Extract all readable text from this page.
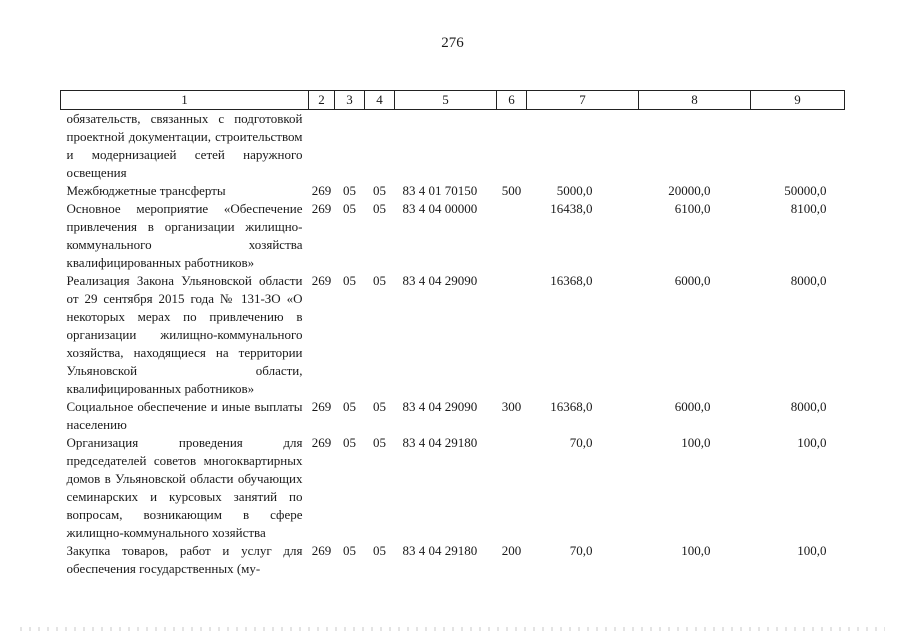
276
1	2	3	4	5	6	7	8	9
обязательств, связанных с подготовкой проектной документации, строительством и модернизацией сетей наружного освещения								
Межбюджетные трансферты	269	05	05	83 4 01 70150	500	5000,0	20000,0	50000,0
Основное мероприятие «Обеспечение привлечения в организации жилищно-коммунального хозяйства квалифицированных работников»	269	05	05	83 4 04 00000		16438,0	6100,0	8100,0
Реализация Закона Ульяновской области от 29 сентября 2015 года № 131-ЗО «О некоторых мерах по привлечению в организации жилищно-коммунального хозяйства, находящиеся на территории Ульяновской области, квалифицированных работников»	269	05	05	83 4 04 29090		16368,0	6000,0	8000,0
Социальное обеспечение и иные выплаты населению	269	05	05	83 4 04 29090	300	16368,0	6000,0	8000,0
Организация проведения для председателей советов многоквартирных домов в Ульяновской области обучающих семинарских и курсовых занятий по вопросам, возникающим в сфере жилищно-коммунального хозяйства	269	05	05	83 4 04 29180		70,0	100,0	100,0
Закупка товаров, работ и услуг для обеспечения государственных (му-	269	05	05	83 4 04 29180	200	70,0	100,0	100,0
